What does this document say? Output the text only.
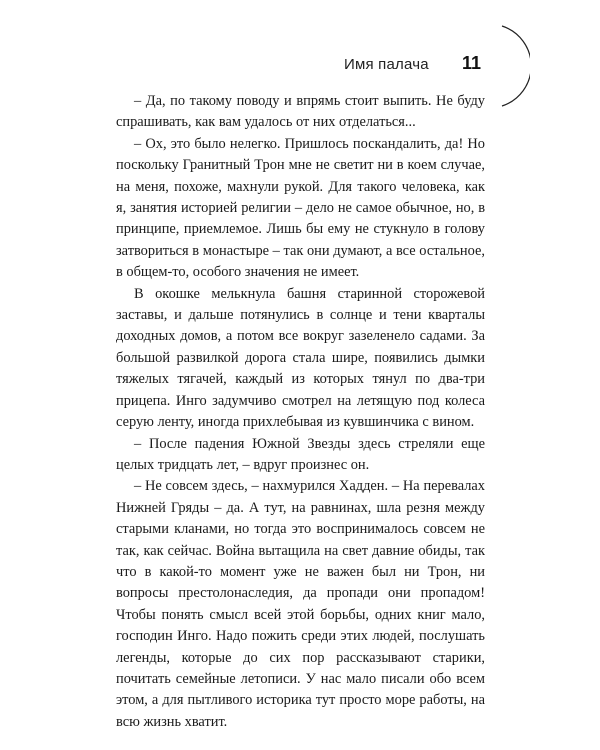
Имя палача 11

– Да, по такому поводу и впрямь стоит выпить. Не буду спрашивать, как вам удалось от них отделаться...

– Ох, это было нелегко. Пришлось поскандалить, да! Но поскольку Гранитный Трон мне не светит ни в коем случае, на меня, похоже, махнули рукой. Для такого человека, как я, занятия историей религии – дело не самое обычное, но, в принципе, приемлемое. Лишь бы ему не стукнуло в голову затвориться в монастыре – так они думают, а все остальное, в общем-то, особого значения не имеет.

В окошке мелькнула башня старинной сторожевой заставы, и дальше потянулись в солнце и тени кварталы доходных домов, а потом все вокруг зазеленело садами. За большой развилкой дорога стала шире, появились дымки тяжелых тягачей, каждый из которых тянул по два-три прицепа. Инго задумчиво смотрел на летящую под колеса серую ленту, иногда прихлебывая из кувшинчика с вином.

– После падения Южной Звезды здесь стреляли еще целых тридцать лет, – вдруг произнес он.

– Не совсем здесь, – нахмурился Хадден. – На перевалах Нижней Гряды – да. А тут, на равнинах, шла резня между старыми кланами, но тогда это воспринималось совсем не так, как сейчас. Война вытащила на свет давние обиды, так что в какой-то момент уже не важен был ни Трон, ни вопросы престолонаследия, да пропади они пропадом! Чтобы понять смысл всей этой борьбы, одних книг мало, господин Инго. Надо пожить среди этих людей, послушать легенды, которые до сих пор рассказывают старики, почитать семейные летописи. У нас мало писали обо всем этом, а для пытливого историка тут просто море работы, на всю жизнь хватит.
